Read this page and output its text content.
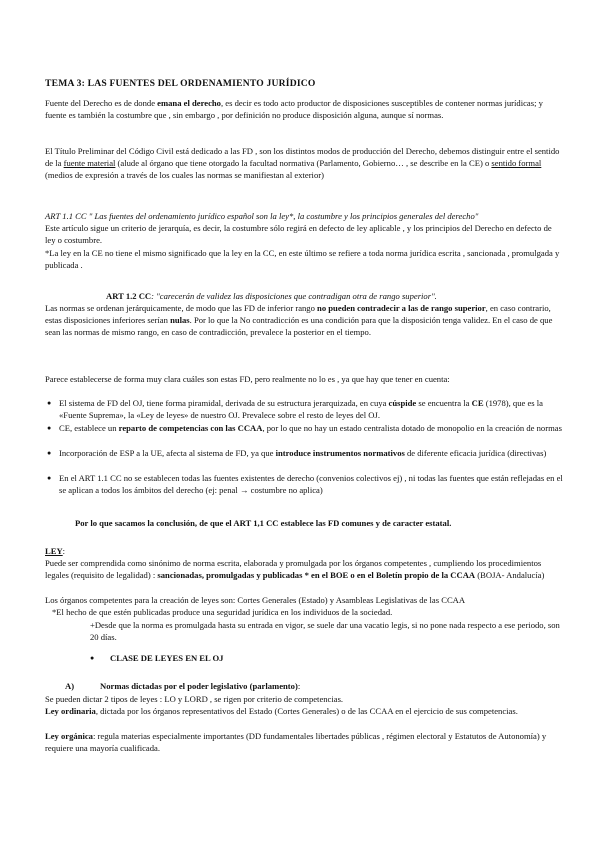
TEMA 3: LAS FUENTES DEL ORDENAMIENTO JURÍDICO

Fuente del Derecho es de donde emana el derecho, es decir es todo acto productor de disposiciones susceptibles de contener normas jurídicas; y fuente es también la costumbre que , sin embargo , por definición no produce disposición alguna, aunque sí normas.

El Título Preliminar del Código Civil está dedicado a las FD , son los distintos modos de producción del Derecho, debemos distinguir entre el sentido de la fuente material (alude al órgano que tiene otorgado la facultad normativa (Parlamento, Gobierno… , se describe en la CE) o sentido formal (medios de expresión a través de los cuales las normas se manifiestan al exterior)

ART 1.1 CC " Las fuentes del ordenamiento jurídico español son la ley*, la costumbre y los principios generales del derecho"

Este artículo sigue un criterio de jerarquía, es decir, la costumbre sólo regirá en defecto de ley aplicable , y los principios del Derecho en defecto de ley o costumbre.

*La ley en la CE no tiene el mismo significado que la ley en la CC, en este último se refiere a toda norma jurídica escrita , sancionada , promulgada y publicada .

ART 1.2 CC: "carecerán de validez las disposiciones que contradigan otra de rango superior".

Las normas se ordenan jerárquicamente, de modo que las FD de inferior rango no pueden contradecir a las de rango superior, en caso contrario, estas disposiciones inferiores serían nulas. Por lo que la No contradicción es una condición para que la disposición tenga validez. En el caso de que sean las normas de mismo rango, en caso de contradicción, prevalece la posterior en el tiempo.

Parece establecerse de forma muy clara cuáles son estas FD, pero realmente no lo es , ya que hay que tener en cuenta:

● El sistema de FD del OJ, tiene forma piramidal, derivada de su estructura jerarquizada, en cuya cúspide se encuentra la CE (1978), que es la «Fuente Suprema», la «Ley de leyes» de nuestro OJ. Prevalece sobre el resto de leyes del OJ.

● CE, establece un reparto de competencias con las CCAA, por lo que no hay un estado centralista dotado de monopolio en la creación de normas

● Incorporación de ESP a la UE, afecta al sistema de FD, ya que introduce instrumentos normativos de diferente eficacia jurídica (directivas)

● En el ART 1.1 CC no se establecen todas las fuentes existentes de derecho (convenios colectivos ej) , ni todas las fuentes que están reflejadas en el se aplican a todos los ámbitos del derecho (ej: penal → costumbre no aplica)

Por lo que sacamos la conclusión, de que el ART 1,1 CC establece las FD comunes y de caracter estatal.

LEY:

Puede ser comprendida como sinónimo de norma escrita, elaborada y promulgada por los órganos competentes , cumpliendo los procedimientos legales (requisito de legalidad) : sancionadas, promulgadas y publicadas * en el BOE o en el Boletín propio de la CCAA (BOJA- Andalucía)

Los órganos competentes para la creación de leyes son: Cortes Generales (Estado) y Asambleas Legislativas de las CCAA

*El hecho de que estén publicadas produce una seguridad jurídica en los individuos de la sociedad.

+Desde que la norma es promulgada hasta su entrada en vigor, se suele dar una vacatio legis, si no pone nada respecto a ese periodo, son 20 días.

● CLASE DE LEYES EN EL OJ

A)	Normas dictadas por el poder legislativo (parlamento):

Se pueden dictar 2 tipos de leyes : LO y LORD , se rigen por criterio de competencias.

Ley ordinaria, dictada por los órganos representativos del Estado (Cortes Generales) o de las CCAA en el ejercicio de sus competencias.

Ley orgánica: regula materias especialmente importantes (DD fundamentales libertades públicas , régimen electoral y Estatutos de Autonomía) y requiere una mayoría cualificada.
